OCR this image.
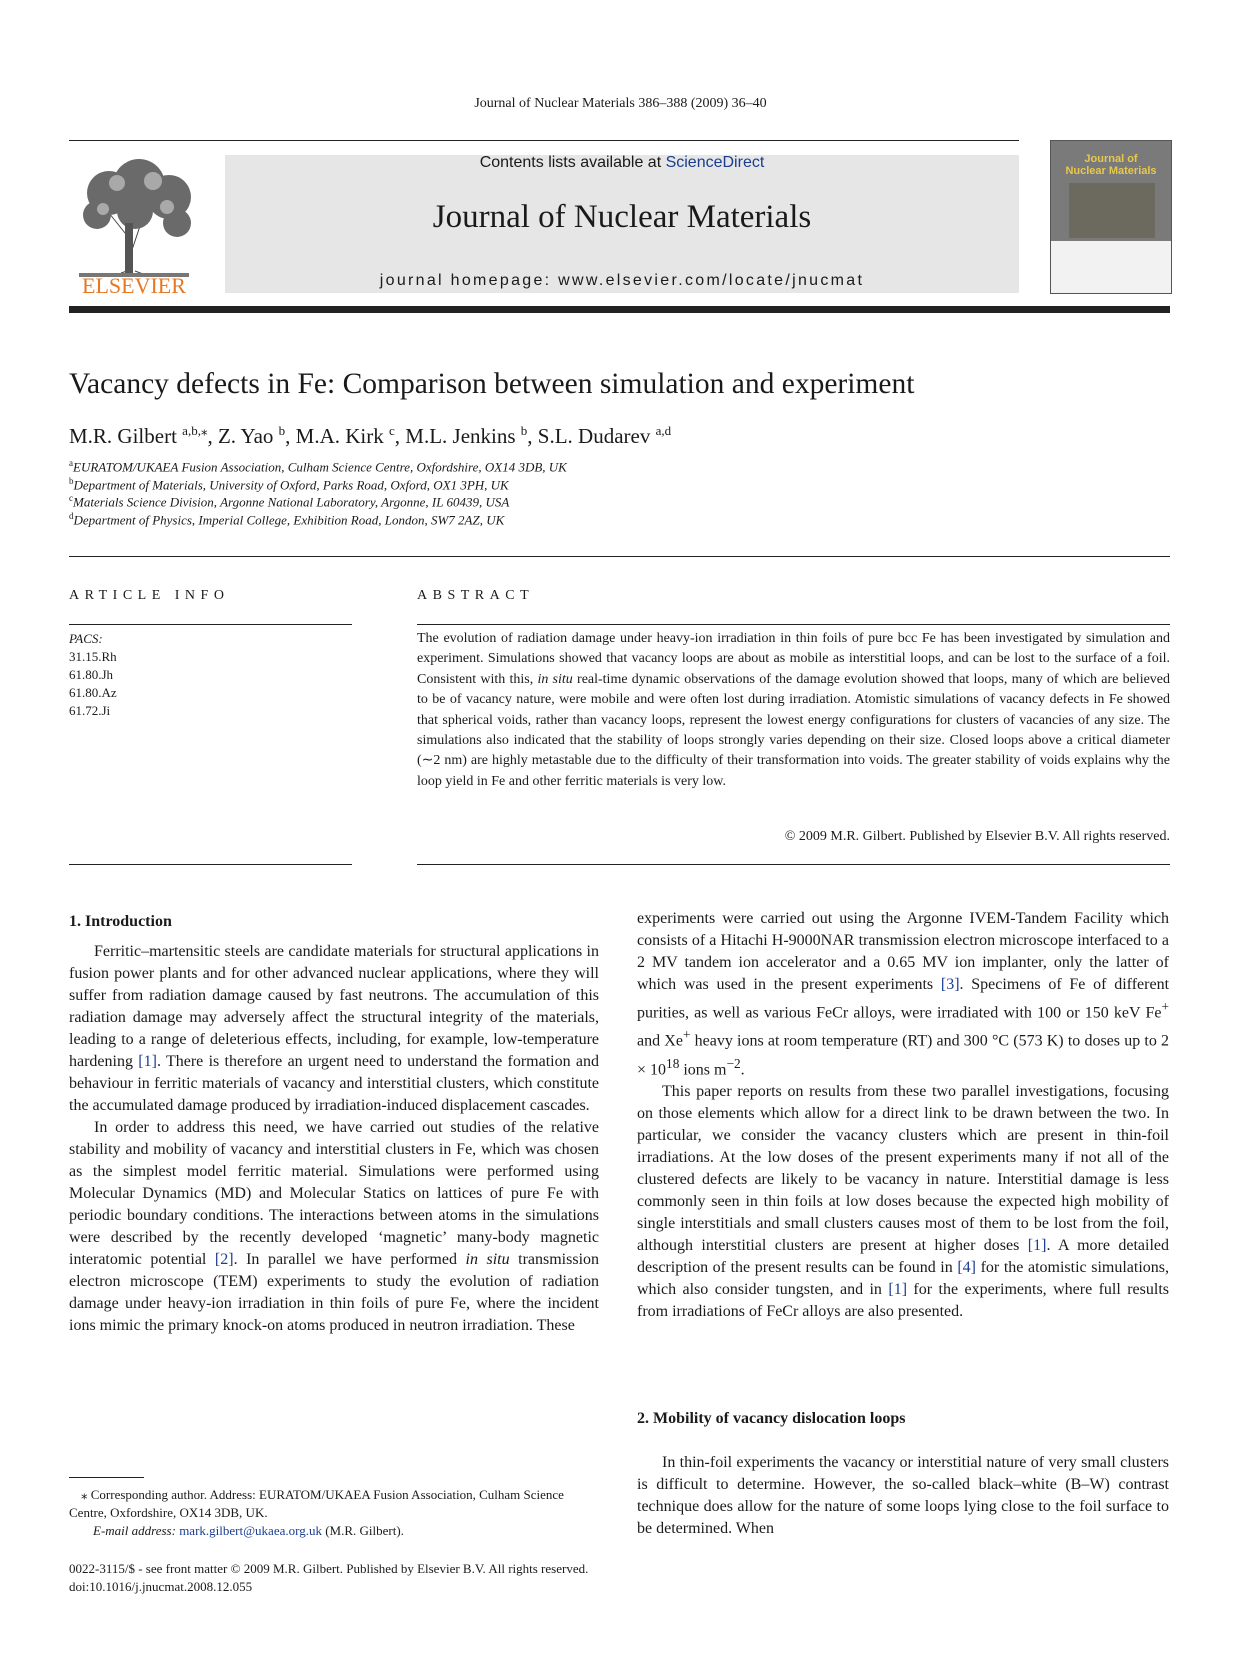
Journal of Nuclear Materials 386–388 (2009) 36–40
ELSEVIER
Contents lists available at ScienceDirect
Journal of Nuclear Materials
journal homepage: www.elsevier.com/locate/jnucmat
Journal of
Nuclear Materials
Vacancy defects in Fe: Comparison between simulation and experiment
M.R. Gilbert $^{a,b,⁎}$, Z. Yao $^b$, M.A. Kirk $^c$, M.L. Jenkins $^b$, S.L. Dudarev $^{a,d}$
ARTICLE INFO
PACS:
31.15.Rh
61.80.Jh
61.80.Az
61.72.Ji
ABSTRACT
The evolution of radiation damage under heavy-ion irradiation in thin foils of pure bcc Fe has been investigated by simulation and experiment. Simulations showed that vacancy loops are about as mobile as interstitial loops, and can be lost to the surface of a foil. Consistent with this, in situ real-time dynamic observations of the damage evolution showed that loops, many of which are believed to be of vacancy nature, were mobile and were often lost during irradiation. Atomistic simulations of vacancy defects in Fe showed that spherical voids, rather than vacancy loops, represent the lowest energy configurations for clusters of vacancies of any size. The simulations also indicated that the stability of loops strongly varies depending on their size. Closed loops above a critical diameter (∼2 nm) are highly metastable due to the difficulty of their transformation into voids. The greater stability of voids explains why the loop yield in Fe and other ferritic materials is very low.
© 2009 M.R. Gilbert. Published by Elsevier B.V. All rights reserved.
1. Introduction

Ferritic–martensitic steels are candidate materials for structural applications in fusion power plants and for other advanced nuclear applications, where they will suffer from radiation damage caused by fast neutrons. The accumulation of this radiation damage may adversely affect the structural integrity of the materials, leading to a range of deleterious effects, including, for example, low-temperature hardening [1]. There is therefore an urgent need to understand the formation and behaviour in ferritic materials of vacancy and interstitial clusters, which constitute the accumulated damage produced by irradiation-induced displacement cascades.

In order to address this need, we have carried out studies of the relative stability and mobility of vacancy and interstitial clusters in Fe, which was chosen as the simplest model ferritic material. Simulations were performed using Molecular Dynamics (MD) and Molecular Statics on lattices of pure Fe with periodic boundary conditions. The interactions between atoms in the simulations were described by the recently developed ‘magnetic’ many-body magnetic interatomic potential [2]. In parallel we have performed in situ transmission electron microscope (TEM) experiments to study the evolution of radiation damage under heavy-ion irradiation in thin foils of pure Fe, where the incident ions mimic the primary knock-on atoms produced in neutron irradiation. These

experiments were carried out using the Argonne IVEM-Tandem Facility which consists of a Hitachi H-9000NAR transmission electron microscope interfaced to a 2 MV tandem ion accelerator and a 0.65 MV ion implanter, only the latter of which was used in the present experiments [3]. Specimens of Fe of different purities, as well as various FeCr alloys, were irradiated with 100 or 150 keV Fe+ and Xe+ heavy ions at room temperature (RT) and 300 °C (573 K) to doses up to $2 \times 10^{18}$ ions $m^{-2}$.

This paper reports on results from these two parallel investigations, focusing on those elements which allow for a direct link to be drawn between the two. In particular, we consider the vacancy clusters which are present in thin-foil irradiations. At the low doses of the present experiments many if not all of the clustered defects are likely to be vacancy in nature. Interstitial damage is less commonly seen in thin foils at low doses because the expected high mobility of single interstitials and small clusters causes most of them to be lost from the foil, although interstitial clusters are present at higher doses [1]. A more detailed description of the present results can be found in [4] for the atomistic simulations, which also consider tungsten, and in [1] for the experiments, where full results from irradiations of FeCr alloys are also presented.

2. Mobility of vacancy dislocation loops

In thin-foil experiments the vacancy or interstitial nature of very small clusters is difficult to determine. However, the so-called black–white (B–W) contrast technique does allow for the nature of some loops lying close to the foil surface to be determined. When

⁎ Corresponding author. Address: EURATOM/UKAEA Fusion Association, Culham Science Centre, Oxfordshire, OX14 3DB, UK.

E-mail address: mark.gilbert@ukaea.org.uk (M.R. Gilbert).

0022-3115/$ - see front matter © 2009 M.R. Gilbert. Published by Elsevier B.V. All rights reserved.

doi:10.1016/j.jnucmat.2008.12.055

$^a$EURATOM/UKAEA Fusion Association, Culham Science Centre, Oxfordshire, OX14 3DB, UK
$^b$Department of Materials, University of Oxford, Parks Road, Oxford, OX1 3PH, UK
$^c$Materials Science Division, Argonne National Laboratory, Argonne, IL 60439, USA
$^d$Department of Physics, Imperial College, Exhibition Road, London, SW7 2AZ, UK
